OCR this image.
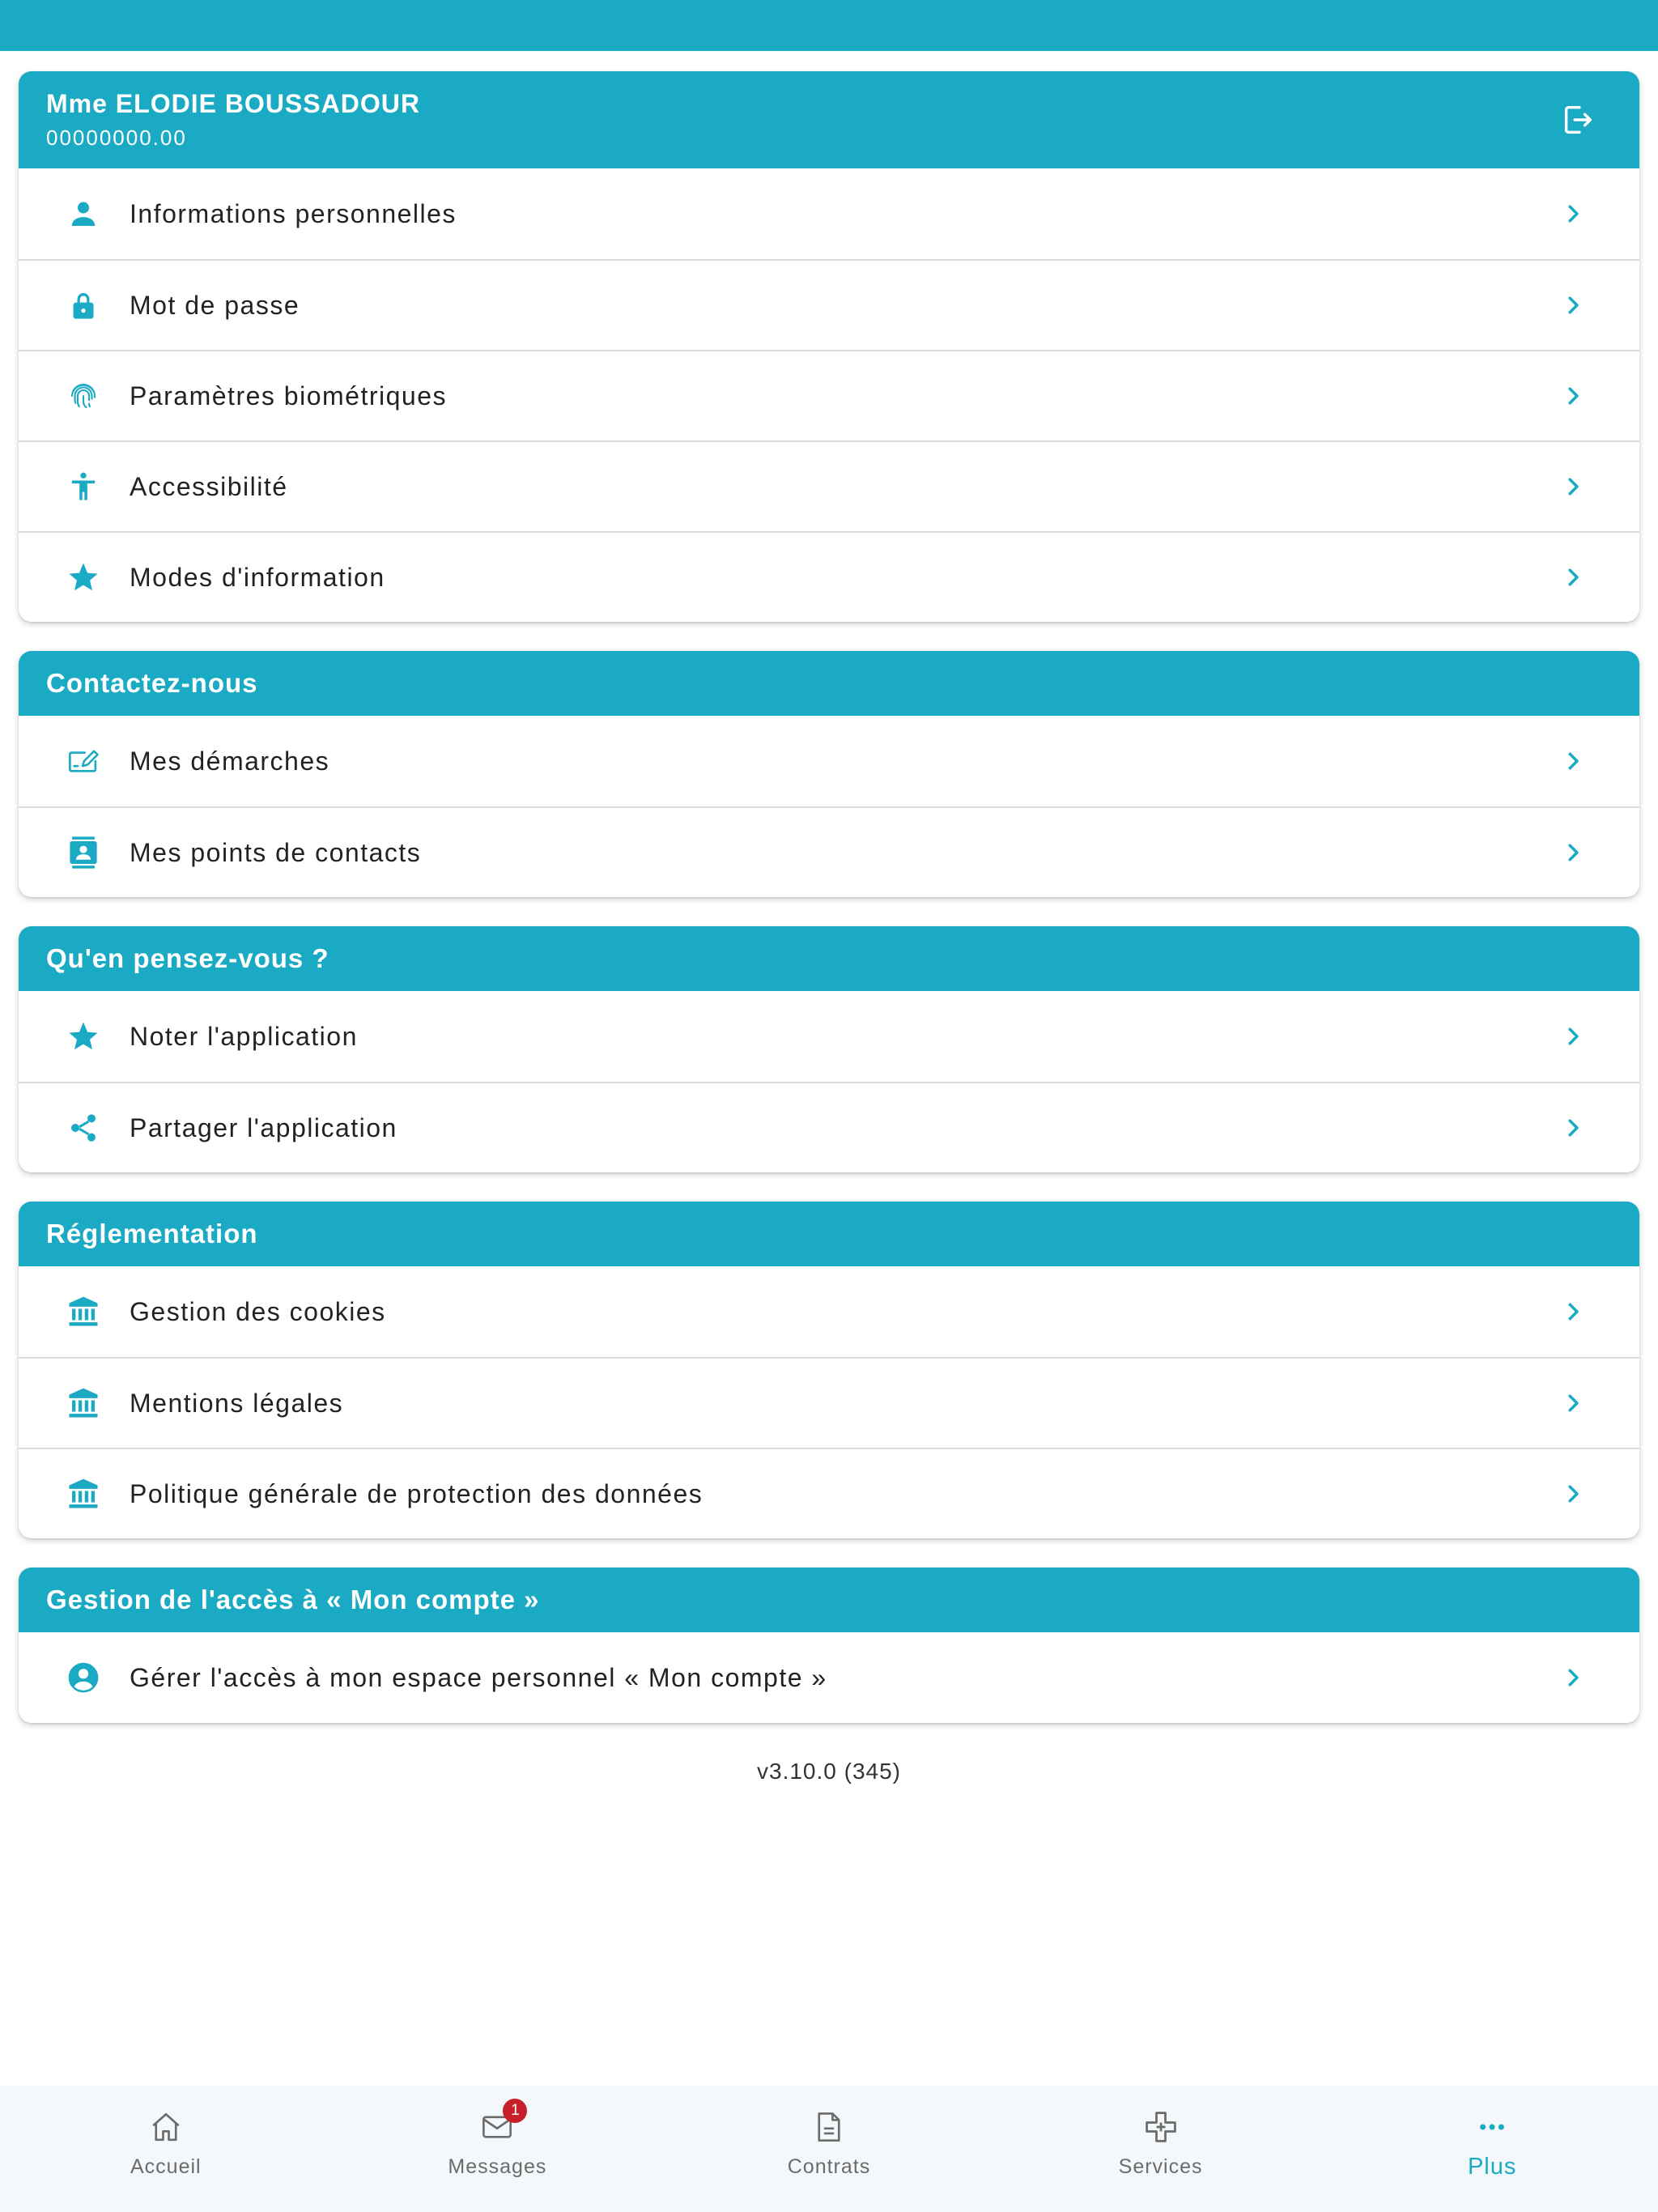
Mme ELODIE BOUSSADOUR
00000000.00
Informations personnelles
Mot de passe
Paramètres biométriques
Accessibilité
Modes d'information
Contactez-nous
Mes démarches
Mes points de contacts
Qu'en pensez-vous ?
Noter l'application
Partager l'application
Réglementation
Gestion des cookies
Mentions légales
Politique générale de protection des données
Gestion de l'accès à « Mon compte »
Gérer l'accès à mon espace personnel « Mon compte »
v3.10.0 (345)
Accueil
1
Messages	Contrats	Services	Plus
